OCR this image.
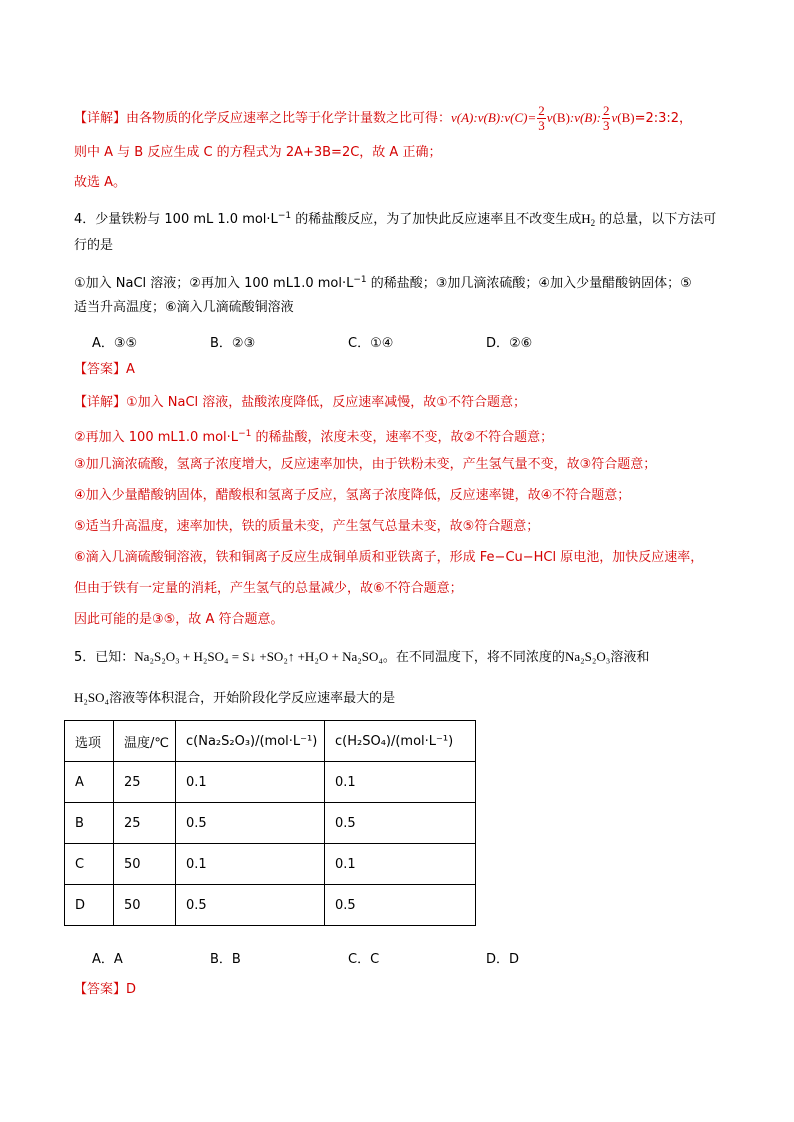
【详解】由各物质的化学反应速率之比等于化学计量数之比可得：v(A):v(B):v(C)= $\frac{2}{3}$ v(B):v(B): $\frac{2}{3}$ v(B)=2:3:2，
则中 A 与 B 反应生成 C 的方程式为 2A+3B=2C，故 A 正确；
故选 A。
4．少量铁粉与 100 mL 1.0 $mol\cdot L^{-1}$ 的稀盐酸反应，为了加快此反应速率且不改变生成$H_2$ 的总量，以下方法可
行的是
①加入 NaCl 溶液；②再加入 100 mL1.0 $mol\cdot L^{-1}$ 的稀盐酸；③加几滴浓硫酸；④加入少量醋酸钠固体；⑤
适当升高温度；⑥滴入几滴硫酸铜溶液
A．③⑤	B．②③	C．①④	D．②⑥
【答案】A
【详解】①加入 NaCl 溶液，盐酸浓度降低，反应速率减慢，故①不符合题意；
②再加入 100 mL1.0 $mol\cdot L^{-1}$ 的稀盐酸，浓度未变，速率不变，故②不符合题意；
③加几滴浓硫酸，氢离子浓度增大，反应速率加快，由于铁粉未变，产生氢气量不变，故③符合题意；
④加入少量醋酸钠固体，醋酸根和氢离子反应，氢离子浓度降低，反应速率键，故④不符合题意；
⑤适当升高温度，速率加快，铁的质量未变，产生氢气总量未变，故⑤符合题意；
⑥滴入几滴硫酸铜溶液，铁和铜离子反应生成铜单质和亚铁离子，形成 Fe−Cu−HCl 原电池，加快反应速率，
但由于铁有一定量的消耗，产生氢气的总量减少，故⑥不符合题意；
因此可能的是③⑤，故 A 符合题意。
5．已知：Na₂S₂O₃ + H₂SO₄ = S↓ +SO₂↑ +H₂O + Na₂SO₄。在不同温度下，将不同浓度的Na₂S₂O₃溶液和
H₂SO₄溶液等体积混合，开始阶段化学反应速率最大的是
选项	温度/℃	c(Na₂S₂O₃)/(mol·L⁻¹)	c(H₂SO₄)/(mol·L⁻¹)
A	25	0.1	0.1
B	25	0.5	0.5
C	50	0.1	0.1
D	50	0.5	0.5
A．A	B．B	C．C	D．D
【答案】D
